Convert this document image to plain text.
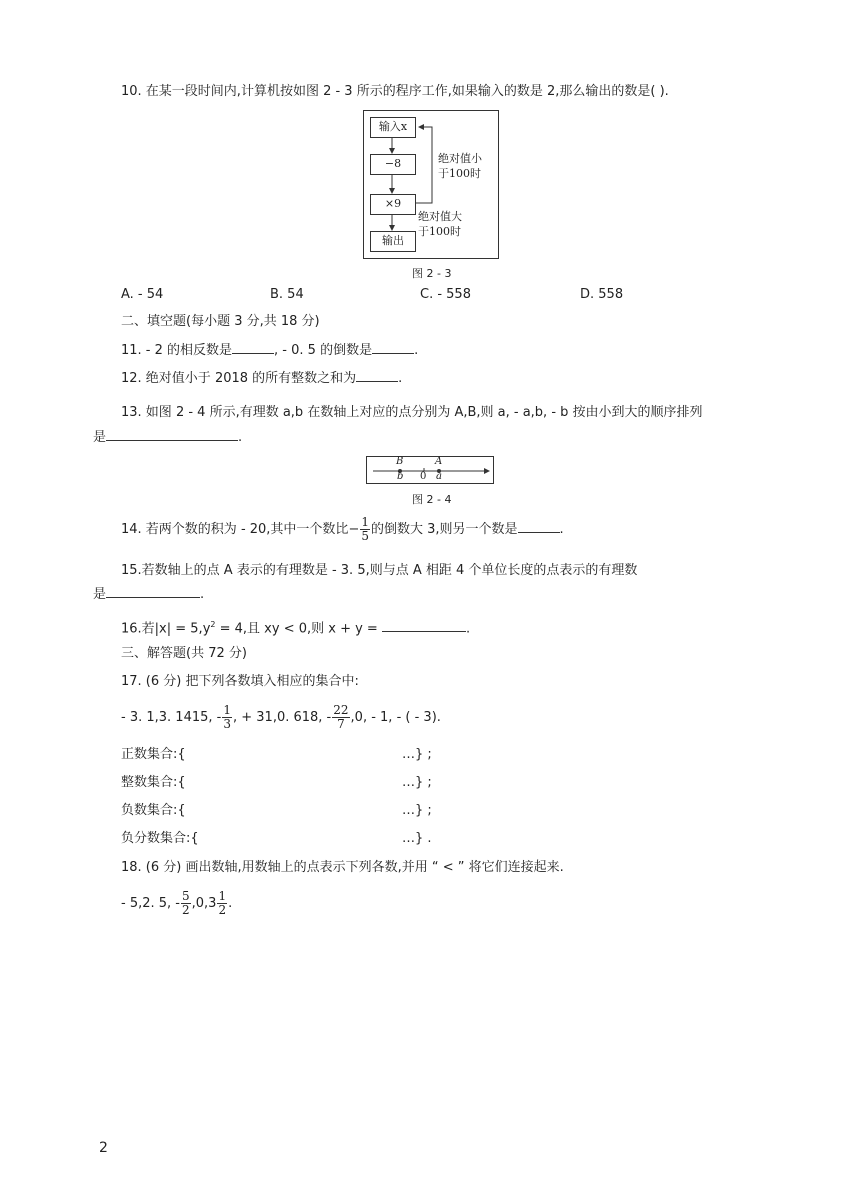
10. 在某一段时间内,计算机按如图 2 - 3 所示的程序工作,如果输入的数是 2,那么输出的数是( ).
输入x
−8
×9
输出
绝对值小
于100时
绝对值大
于100时
图 2 - 3
A. - 54	B. 54	C. - 558	D. 558
二、填空题(每小题 3 分,共 18 分)
11. - 2 的相反数是	, - 0. 5 的倒数是	.
12. 绝对值小于 2018 的所有整数之和为	.
13. 如图 2 - 4 所示,有理数 a,b 在数轴上对应的点分别为 A,B,则 a, - a,b, - b 按由小到大的顺序排列
是	.
B	A
b 0 a
图 2 - 4
14. 若两个数的积为 - 20,其中一个数比− $\frac{1}{5}$ 的倒数大 3,则另一个数是	.
15.若数轴上的点 A 表示的有理数是 - 3. 5,则与点 A 相距 4 个单位长度的点表示的有理数
是	.
16.若$|x| = 5,y^2 = 4$,且 xy < 0,则 x + y =	.
三、解答题(共 72 分)
17. (6 分) 把下列各数填入相应的集合中:
- 3. 1,3. 1415, - $\frac{1}{3}$ , + 31,0. 618, - $\frac{22}{7} ,0$, - 1, - ( - 3).
正数集合:{	…} ;
整数集合:{	…} ;
负数集合:{	…} ;
负分数集合:{	…} .
18. (6 分) 画出数轴,用数轴上的点表示下列各数,并用 “ < ” 将它们连接起来.
- 5,2. 5, - $\frac{5}{2} ,0,3 \frac{1}{2}$ .
2
